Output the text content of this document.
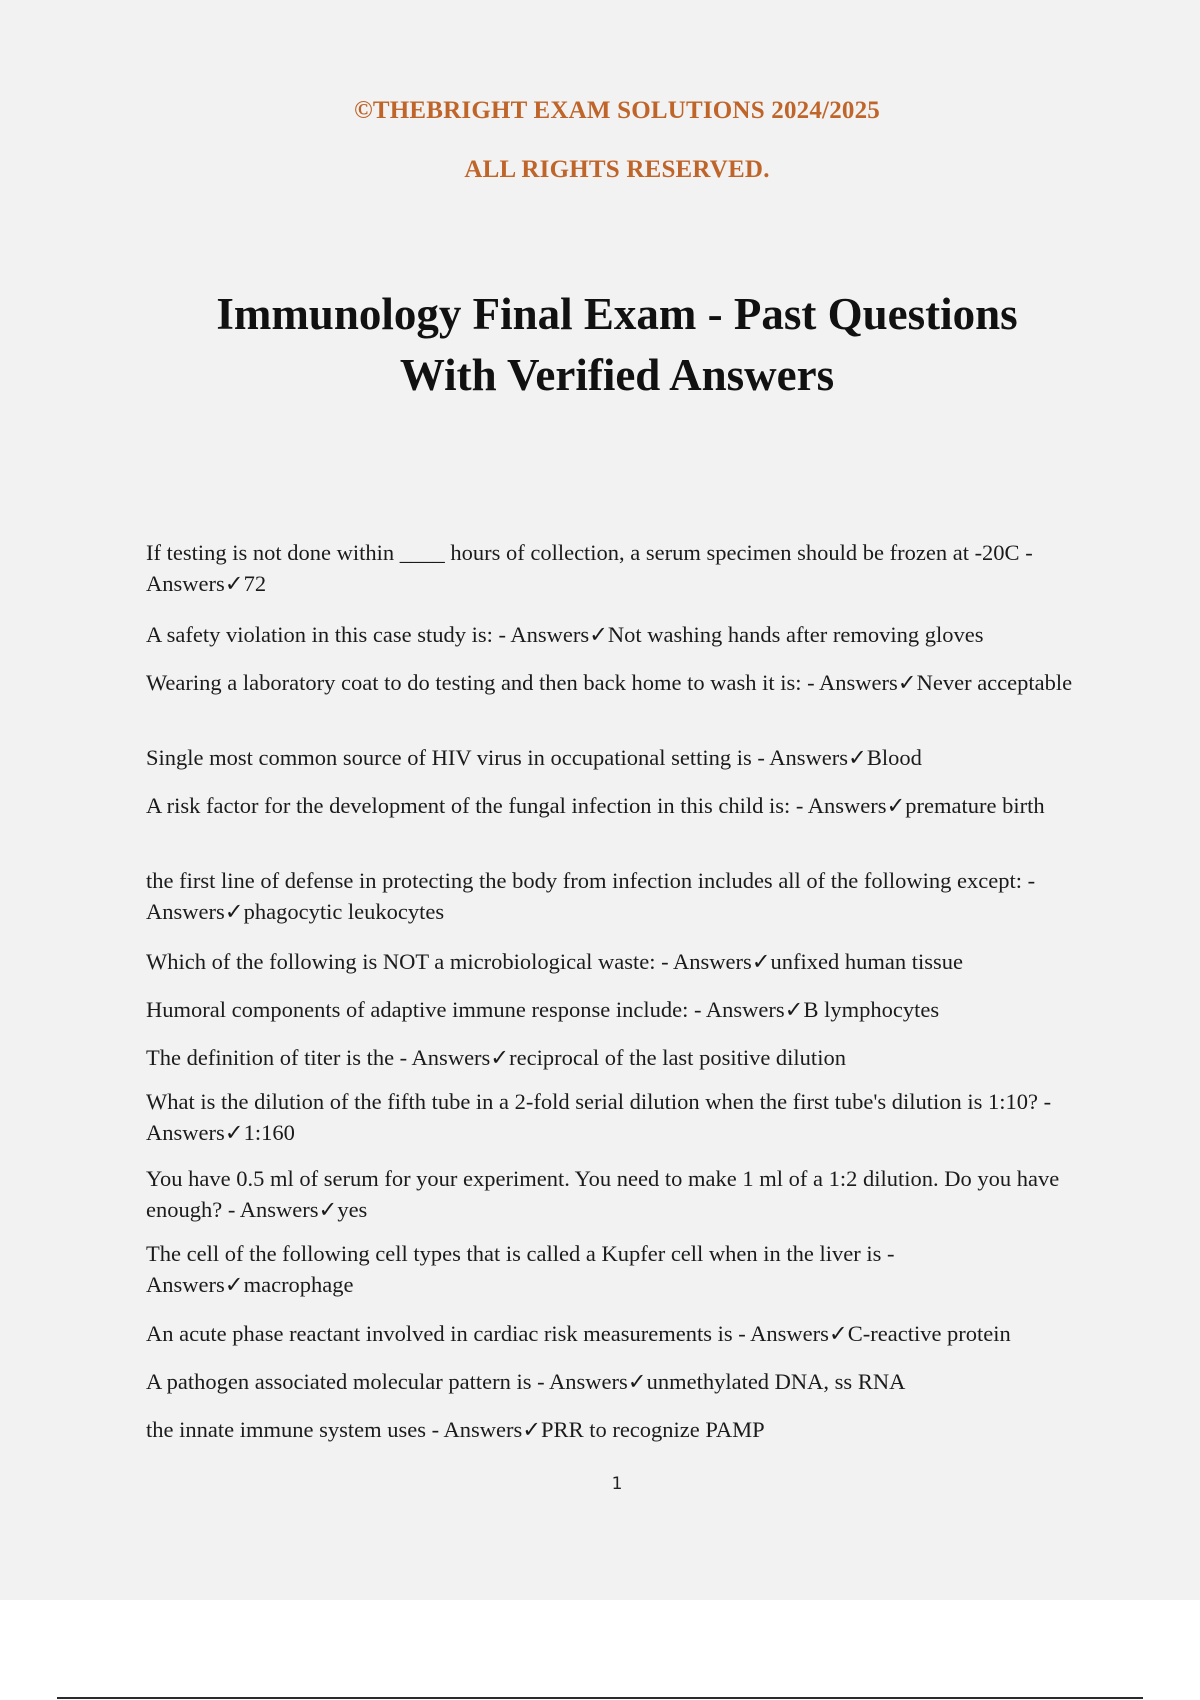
©THEBRIGHT EXAM SOLUTIONS 2024/2025
ALL RIGHTS RESERVED.
Immunology Final Exam - Past Questions
With Verified Answers

If testing is not done within ____ hours of collection, a serum specimen should be frozen at -20C - Answers✓72

A safety violation in this case study is: - Answers✓Not washing hands after removing gloves

Wearing a laboratory coat to do testing and then back home to wash it is: - Answers✓Never acceptable

Single most common source of HIV virus in occupational setting is - Answers✓Blood

A risk factor for the development of the fungal infection in this child is: - Answers✓premature birth

the first line of defense in protecting the body from infection includes all of the following except: - Answers✓phagocytic leukocytes

Which of the following is NOT a microbiological waste: - Answers✓unfixed human tissue

Humoral components of adaptive immune response include: - Answers✓B lymphocytes

The definition of titer is the - Answers✓reciprocal of the last positive dilution

What is the dilution of the fifth tube in a 2-fold serial dilution when the first tube's dilution is 1:10? - Answers✓1:160

You have 0.5 ml of serum for your experiment. You need to make 1 ml of a 1:2 dilution. Do you have enough? - Answers✓yes

The cell of the following cell types that is called a Kupfer cell when in the liver is - Answers✓macrophage

An acute phase reactant involved in cardiac risk measurements is - Answers✓C-reactive protein

A pathogen associated molecular pattern is - Answers✓unmethylated DNA, ss RNA

the innate immune system uses - Answers✓PRR to recognize PAMP

1
